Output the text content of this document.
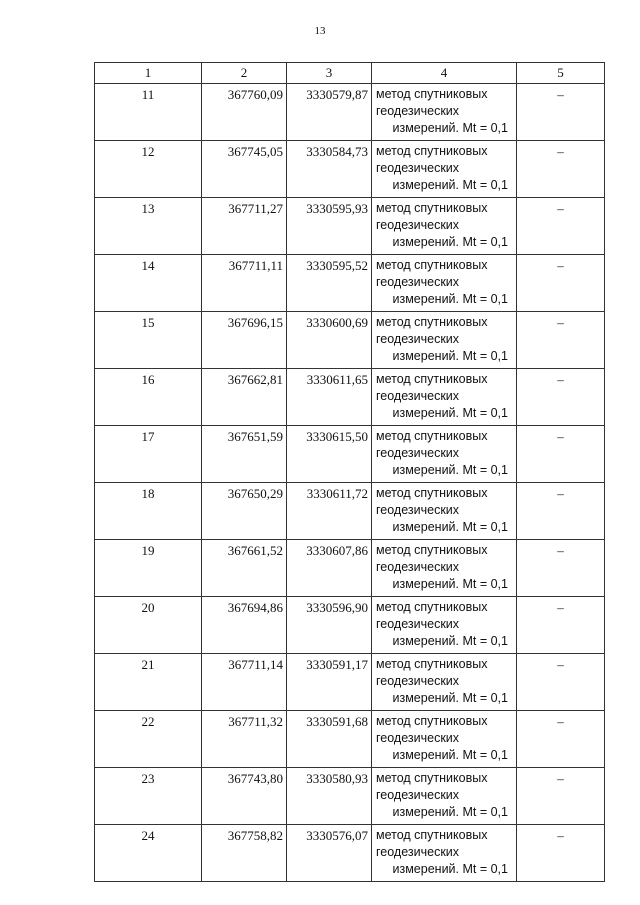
13
1	2	3	4	5
11	367760,09	3330579,87	метод спутниковых
геодезических
измерений. Mt = 0,1	–
12	367745,05	3330584,73	метод спутниковых
геодезических
измерений. Mt = 0,1	–
13	367711,27	3330595,93	метод спутниковых
геодезических
измерений. Mt = 0,1	–
14	367711,11	3330595,52	метод спутниковых
геодезических
измерений. Mt = 0,1	–
15	367696,15	3330600,69	метод спутниковых
геодезических
измерений. Mt = 0,1	–
16	367662,81	3330611,65	метод спутниковых
геодезических
измерений. Mt = 0,1	–
17	367651,59	3330615,50	метод спутниковых
геодезических
измерений. Mt = 0,1	–
18	367650,29	3330611,72	метод спутниковых
геодезических
измерений. Mt = 0,1	–
19	367661,52	3330607,86	метод спутниковых
геодезических
измерений. Mt = 0,1	–
20	367694,86	3330596,90	метод спутниковых
геодезических
измерений. Mt = 0,1	–
21	367711,14	3330591,17	метод спутниковых
геодезических
измерений. Mt = 0,1	–
22	367711,32	3330591,68	метод спутниковых
геодезических
измерений. Mt = 0,1	–
23	367743,80	3330580,93	метод спутниковых
геодезических
измерений. Mt = 0,1	–
24	367758,82	3330576,07	метод спутниковых
геодезических
измерений. Mt = 0,1	–
